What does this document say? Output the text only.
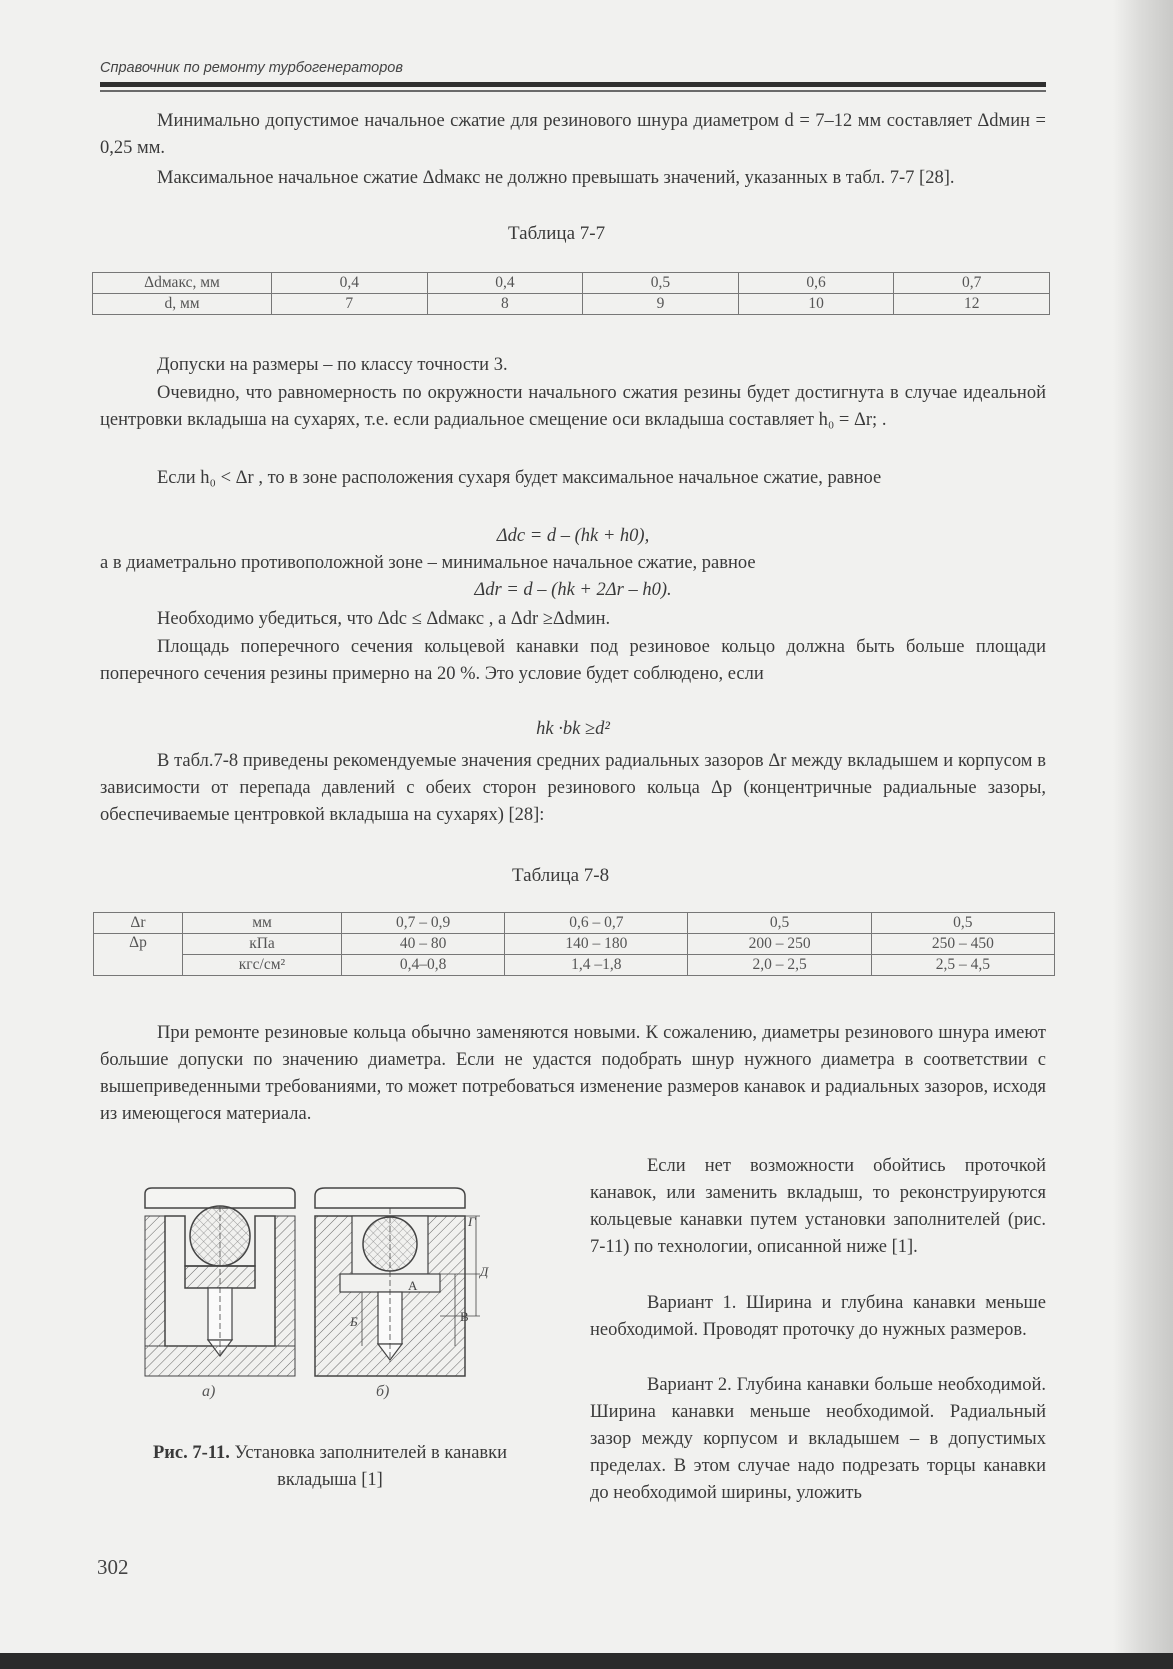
Справочник по ремонту турбогенераторов
Минимально допустимое начальное сжатие для резинового шнура диаметром d = 7–12 мм составляет Δdмин = 0,25 мм.
Максимальное начальное сжатие Δdмакс не должно превышать значений, указанных в табл. 7-7 [28].
Таблица 7-7
Δdмакс, мм	0,4	0,4	0,5	0,6	0,7
d, мм	7	8	9	10	12
Допуски на размеры – по классу точности 3.
Очевидно, что равномерность по окружности начального сжатия резины будет достигнута в случае идеальной центровки вкладыша на сухарях, т.е. если радиальное смещение оси вкладыша составляет h₀ = Δr; .
Если h₀ < Δr , то в зоне расположения сухаря будет максимальное начальное сжатие, равное
Δdc = d – (hk + h0),
а в диаметрально противоположной зоне – минимальное начальное сжатие, равное
Δdr = d – (hk + 2Δr – h0).
Необходимо убедиться, что Δdc ≤ Δdмакс , а Δdr ≥Δdмин.
Площадь поперечного сечения кольцевой канавки под резиновое кольцо должна быть больше площади поперечного сечения резины примерно на 20 %. Это условие будет соблюдено, если
hk ·bk ≥d²
В табл.7-8 приведены рекомендуемые значения средних радиальных зазоров Δr между вкладышем и корпусом в зависимости от перепада давлений с обеих сторон резинового кольца Δp (концентричные радиальные зазоры, обеспечиваемые центровкой вкладыша на сухарях) [28]:
Таблица 7-8
Δr	мм	0,7 – 0,9	0,6 – 0,7	0,5	0,5
Δp	кПа	40 – 80	140 – 180	200 – 250	250 – 450
	кгс/см²	0,4–0,8	1,4 –1,8	2,0 – 2,5	2,5 – 4,5
При ремонте резиновые кольца обычно заменяются новыми. К сожалению, диаметры резинового шнура имеют большие допуски по значению диаметра. Если не удастся подобрать шнур нужного диаметра в соответствии с вышеприведенными требованиями, то может потребоваться изменение размеров канавок и радиальных зазоров, исходя из имеющегося материала.
Если нет возможности обойтись проточкой канавок, или заменить вкладыш, то реконструируются кольцевые канавки путем установки заполнителей (рис. 7-11) по технологии, описанной ниже [1].
Вариант 1. Ширина и глубина канавки меньше необходимой. Проводят проточку до нужных размеров.
Вариант 2. Глубина канавки больше необходимой. Ширина канавки меньше необходимой. Радиальный зазор между корпусом и вкладышем – в допустимых пределах. В этом случае надо подрезать торцы канавки до необходимой ширины, уложить
а)
Г
Д
А
Б	В
б)
Рис. 7-11. Установка заполнителей в канавки вкладыша [1]
302
